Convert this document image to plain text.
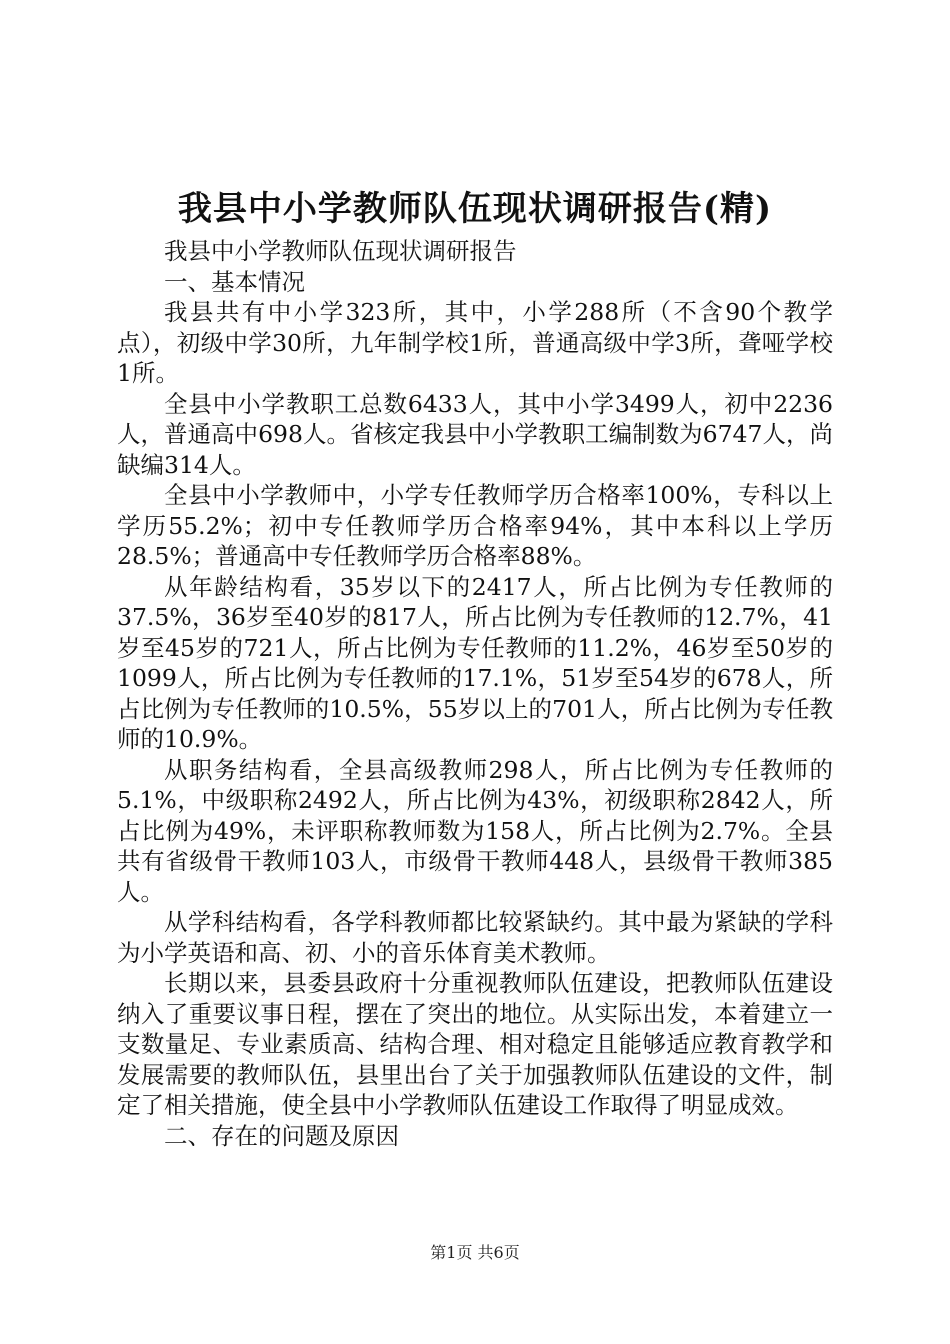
我县中小学教师队伍现状调研报告(精)

我县中小学教师队伍现状调研报告

一、基本情况

我县共有中小学323所，其中，小学288所（不含90个教学点），初级中学30所，九年制学校1所，普通高级中学3所，聋哑学校1所。

全县中小学教职工总数6433人，其中小学3499人，初中2236人，普通高中698人。省核定我县中小学教职工编制数为6747人，尚缺编314人。

全县中小学教师中，小学专任教师学历合格率100%，专科以上学历55.2%；初中专任教师学历合格率94%，其中本科以上学历28.5%；普通高中专任教师学历合格率88%。

从年龄结构看，35岁以下的2417人，所占比例为专任教师的37.5%，36岁至40岁的817人，所占比例为专任教师的12.7%，41岁至45岁的721人，所占比例为专任教师的11.2%，46岁至50岁的1099人，所占比例为专任教师的17.1%，51岁至54岁的678人，所占比例为专任教师的10.5%，55岁以上的701人，所占比例为专任教师的10.9%。

从职务结构看，全县高级教师298人，所占比例为专任教师的5.1%，中级职称2492人，所占比例为43%，初级职称2842人，所占比例为49%，未评职称教师数为158人，所占比例为2.7%。全县共有省级骨干教师103人，市级骨干教师448人，县级骨干教师385人。

从学科结构看，各学科教师都比较紧缺约。其中最为紧缺的学科为小学英语和高、初、小的音乐体育美术教师。

长期以来，县委县政府十分重视教师队伍建设，把教师队伍建设纳入了重要议事日程，摆在了突出的地位。从实际出发，本着建立一支数量足、专业素质高、结构合理、相对稳定且能够适应教育教学和发展需要的教师队伍，县里出台了关于加强教师队伍建设的文件，制定了相关措施，使全县中小学教师队伍建设工作取得了明显成效。

二、存在的问题及原因

第1页 共6页
